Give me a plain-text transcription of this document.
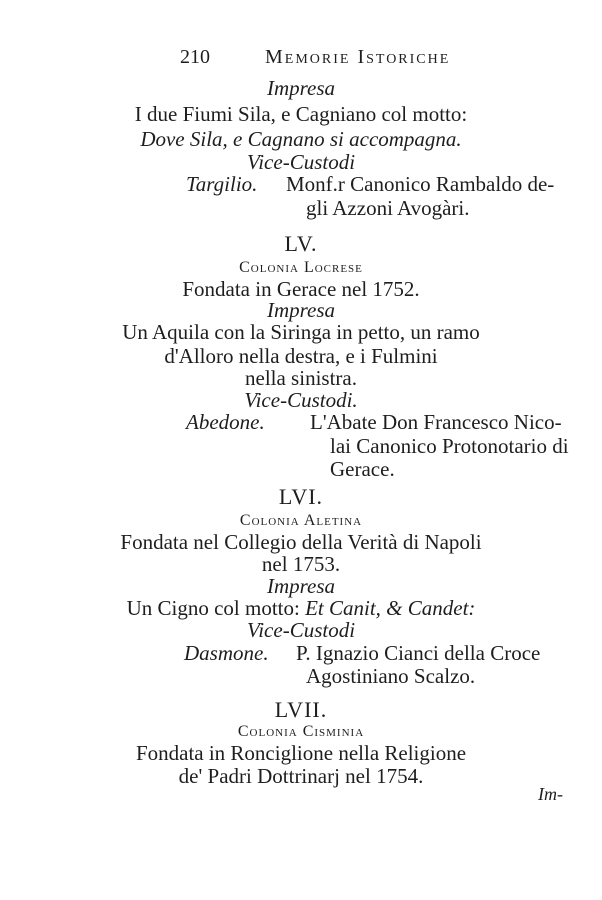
210	Memorie Istoriche
Impresa
I due Fiumi Sila, e Cagniano col motto:
Dove Sila, e Cagnano si accompagna.
Vice-Custodi
Targilio. Monf.r Canonico Rambaldo de-
gli Azzoni Avogàri.
LV.
Colonia Locrese
Fondata in Gerace nel 1752.
Impresa
Un Aquila con la Siringa in petto, un ramo
d'Alloro nella destra, e i Fulmini
nella sinistra.
Vice-Custodi.
Abedone. L'Abate Don Francesco Nico-
lai Canonico Protonotario di
Gerace.
LVI.
Colonia Aletina
Fondata nel Collegio della Verità di Napoli
nel 1753.
Impresa
Un Cigno col motto: Et Canit, & Candet:
Vice-Custodi
Dasmone. P. Ignazio Cianci della Croce
Agostiniano Scalzo.
LVII.
Colonia Cisminia
Fondata in Ronciglione nella Religione
de' Padri Dottrinarj nel 1754.
Im-
